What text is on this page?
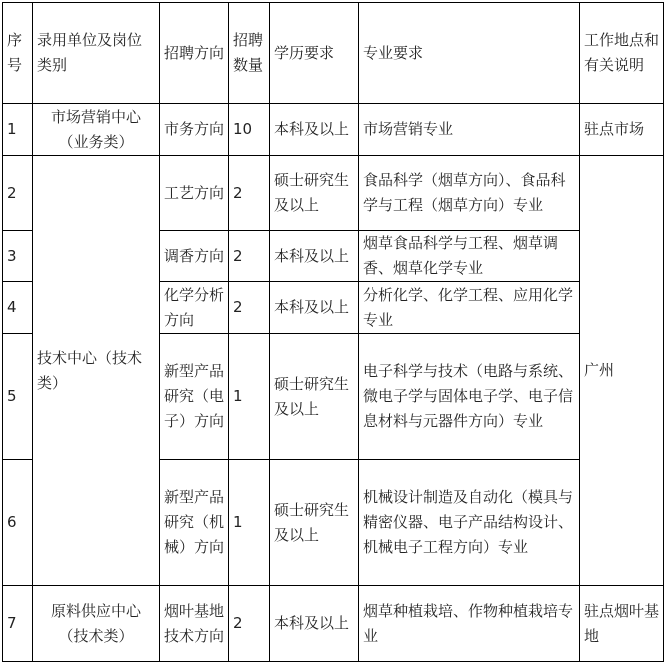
序号	录用单位及岗位类别	招聘方向	招聘数量	学历要求	专业要求	工作地点和有关说明
1	市场营销中心（业务类）	市务方向	10	本科及以上	市场营销专业	驻点市场
2	技术中心（技术类）	工艺方向	2	硕士研究生及以上	食品科学（烟草方向）、食品科学与工程（烟草方向）专业	广州
3		调香方向	2	本科及以上	烟草食品科学与工程、烟草调香、烟草化学专业	
4		化学分析方向	2	本科及以上	分析化学、化学工程、应用化学专业	
5		新型产品研究（电子）方向	1	硕士研究生及以上	电子科学与技术（电路与系统、微电子学与固体电子学、电子信息材料与元器件方向）专业	
6		新型产品研究（机械）方向	1	硕士研究生及以上	机械设计制造及自动化（模具与精密仪器、电子产品结构设计、机械电子工程方向）专业	
7	原料供应中心（技术类）	烟叶基地技术方向	2	本科及以上	烟草种植栽培、作物种植栽培专业	驻点烟叶基地
